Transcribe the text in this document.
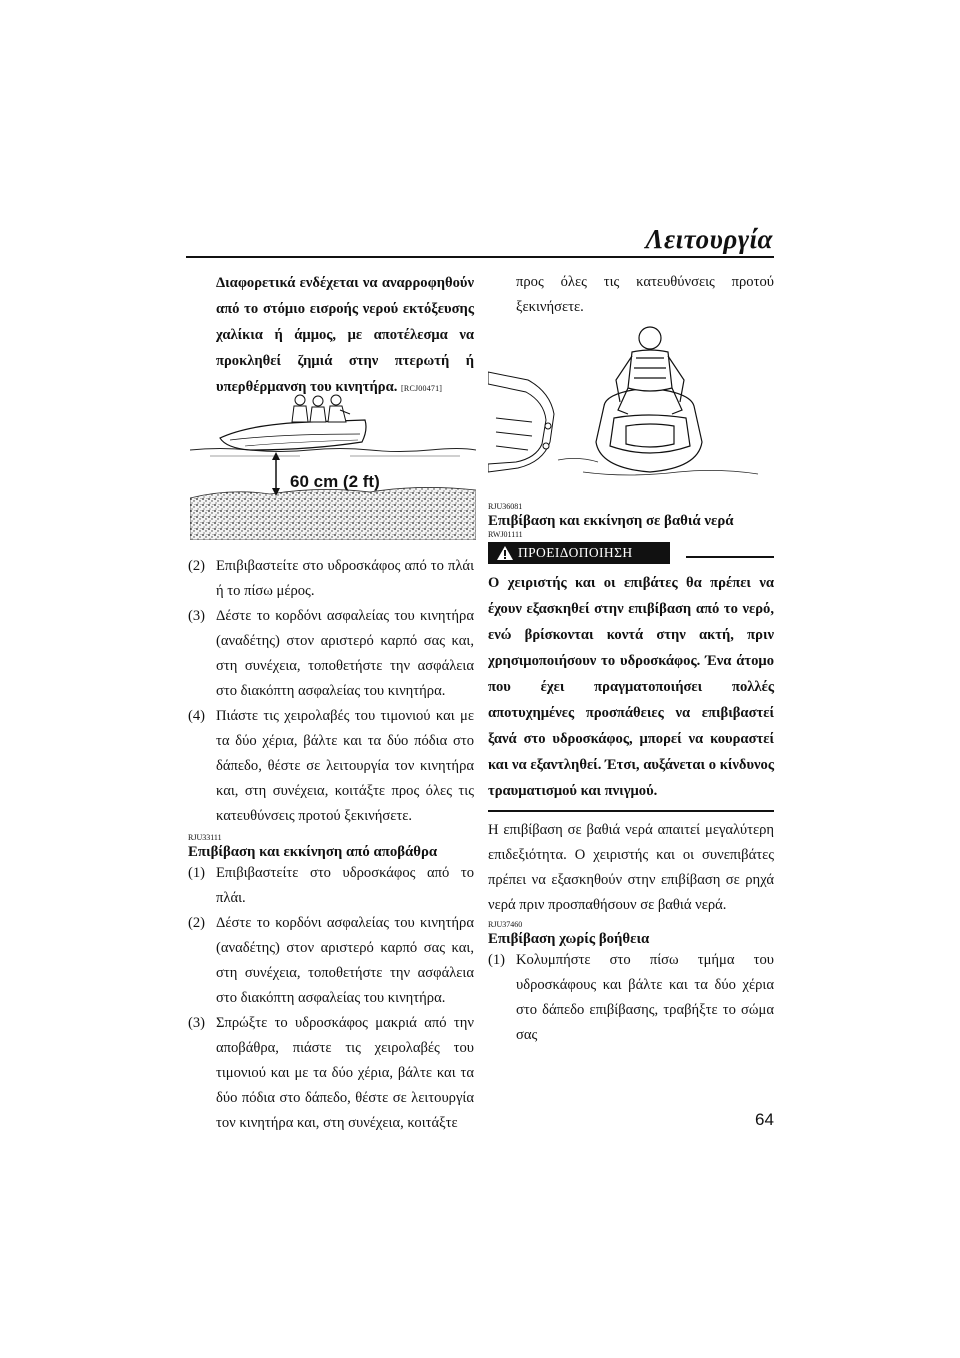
Λειτουργία
Διαφορετικά ενδέχεται να αναρροφηθούν από το στόμιο εισροής νερού εκτόξευσης χαλίκια ή άμμος, με αποτέλεσμα να προκληθεί ζημιά στην πτερωτή ή υπερθέρμανση του κινητήρα. [RCJ00471]
60 cm (2 ft)
(2) Επιβιβαστείτε στο υδροσκάφος από το πλάι ή το πίσω μέρος.
(3) Δέστε το κορδόνι ασφαλείας του κινητήρα (αναδέτης) στον αριστερό καρπό σας και, στη συνέχεια, τοποθετήστε την ασφάλεια στο διακόπτη ασφαλείας του κινητήρα.
(4) Πιάστε τις χειρολαβές του τιμονιού και με τα δύο χέρια, βάλτε και τα δύο πόδια στο δάπεδο, θέστε σε λειτουργία τον κινητήρα και, στη συνέχεια, κοιτάξτε προς όλες τις κατευθύνσεις προτού ξεκινήσετε.
RJU33111
Επιβίβαση και εκκίνηση από αποβάθρα
(1) Επιβιβαστείτε στο υδροσκάφος από το πλάι.
(2) Δέστε το κορδόνι ασφαλείας του κινητήρα (αναδέτης) στον αριστερό καρπό σας και, στη συνέχεια, τοποθετήστε την ασφάλεια στο διακόπτη ασφαλείας του κινητήρα.
(3) Σπρώξτε το υδροσκάφος μακριά από την αποβάθρα, πιάστε τις χειρολαβές του τιμονιού και με τα δύο χέρια, βάλτε και τα δύο πόδια στο δάπεδο, θέστε σε λειτουργία τον κινητήρα και, στη συνέχεια, κοιτάξτε
προς όλες τις κατευθύνσεις προτού ξεκινήσετε.
RJU36081
Επιβίβαση και εκκίνηση σε βαθιά νερά
RWJ01111
ΠΡΟΕΙΔΟΠΟΙΗΣΗ
Ο χειριστής και οι επιβάτες θα πρέπει να έχουν εξασκηθεί στην επιβίβαση από το νερό, ενώ βρίσκονται κοντά στην ακτή, πριν χρησιμοποιήσουν το υδροσκάφος. Ένα άτομο που έχει πραγματοποιήσει πολλές αποτυχημένες προσπάθειες να επιβιβαστεί ξανά στο υδροσκάφος, μπορεί να κουραστεί και να εξαντληθεί. Έτσι, αυξάνεται ο κίνδυνος τραυματισμού και πνιγμού.
Η επιβίβαση σε βαθιά νερά απαιτεί μεγαλύτερη επιδεξιότητα. Ο χειριστής και οι συνεπιβάτες πρέπει να εξασκηθούν στην επιβίβαση σε ρηχά νερά πριν προσπαθήσουν σε βαθιά νερά.
RJU37460
Επιβίβαση χωρίς βοήθεια
(1) Κολυμπήστε στο πίσω τμήμα του υδροσκάφους και βάλτε και τα δύο χέρια στο δάπεδο επιβίβασης, τραβήξτε το σώμα σας
64
